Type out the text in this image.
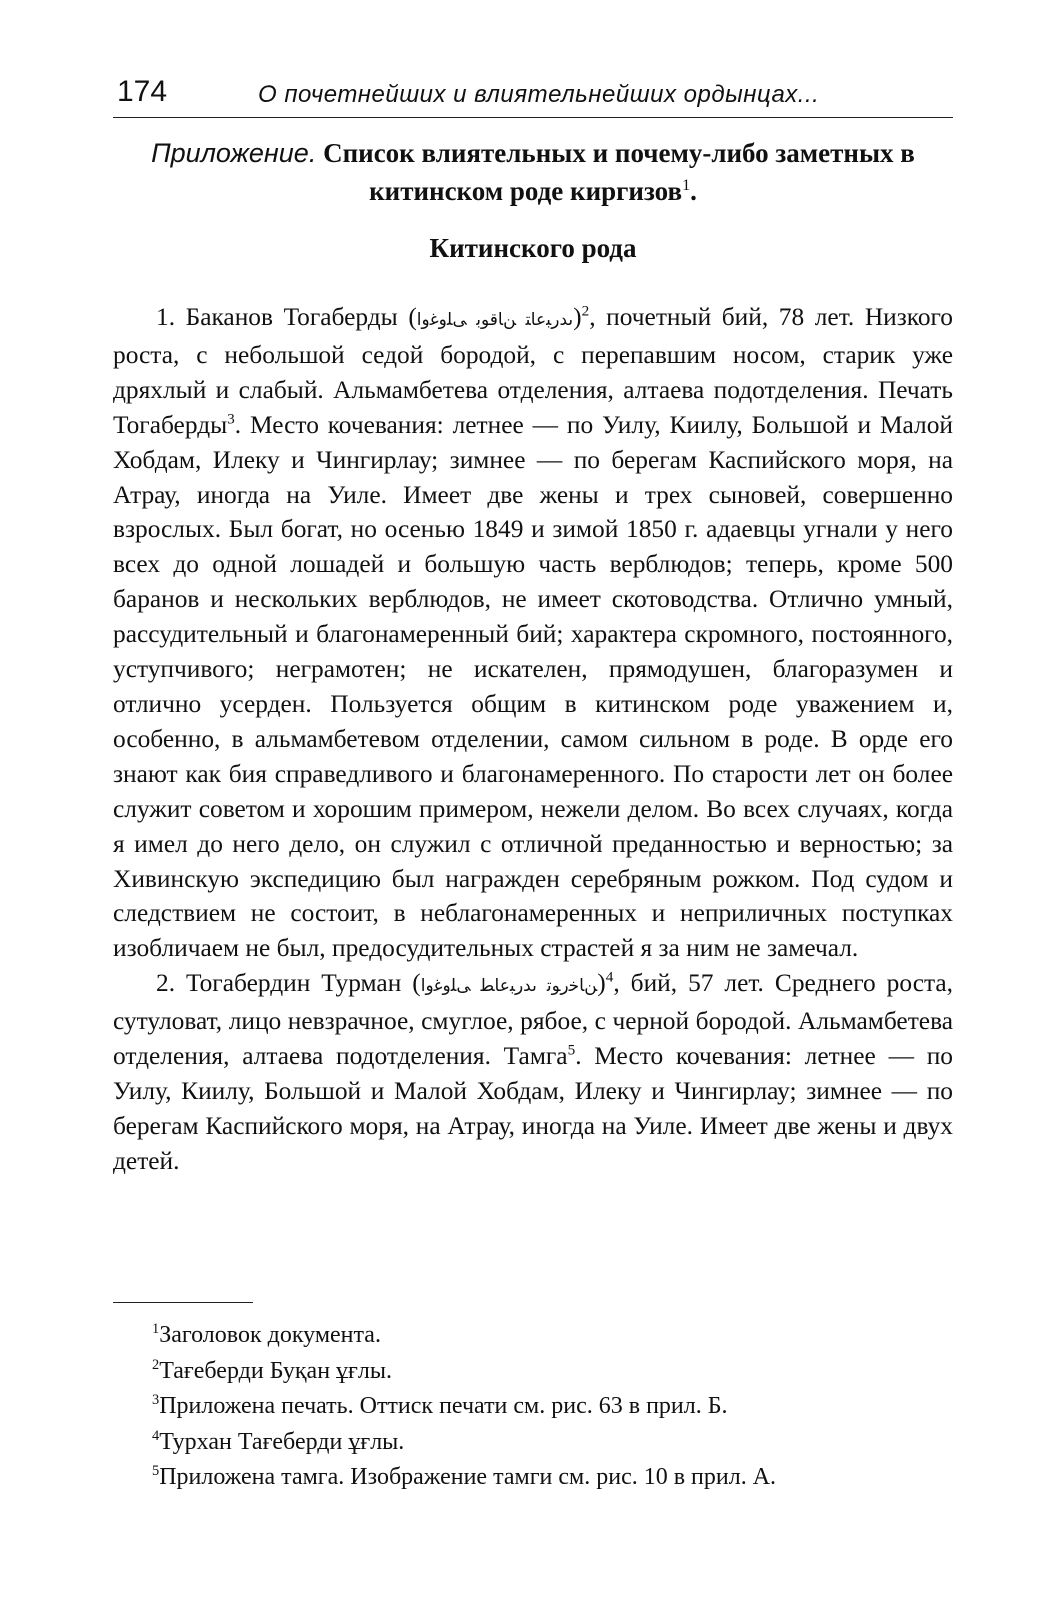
174	О почетнейших и влиятельнейших ордынцах...
Приложение. Список влиятельных и почему-либо заметных в китинском роде киргизов$^1$.
Китинского рода

1. Баканов Тогаберды (ﯨﺪﺭﺒﻋﺎﺘ ﻦﺎﻗﻮﺑ ﻰﻠﻭﻏﻭا)$^2$, почетный бий, 78 лет. Низкого роста, с небольшой седой бородой, с перепавшим носом, старик уже дряхлый и слабый. Альмамбетева отделения, алтаева подотделения. Печать Тогаберды$^3$. Место кочевания: летнее — по Уилу, Киилу, Большой и Малой Хобдам, Илеку и Чингирлау; зимнее — по берегам Каспийского моря, на Атрау, иногда на Уиле. Имеет две жены и трех сыновей, совершенно взрослых. Был богат, но осенью 1849 и зимой 1850 г. адаевцы угнали у него всех до одной лошадей и большую часть верблюдов; теперь, кроме 500 баранов и нескольких верблюдов, не имеет скотоводства. Отлично умный, рассудительный и благонамеренный бий; характера скромного, постоянного, уступчивого; неграмотен; не искателен, прямодушен, благоразумен и отлично усерден. Пользуется общим в китинском роде уважением и, особенно, в альмамбетевом отделении, самом сильном в роде. В орде его знают как бия справедливого и благонамеренного. По старости лет он более служит советом и хорошим примером, нежели делом. Во всех случаях, когда я имел до него дело, он служил с отличной преданностью и верностью; за Хивинскую экспедицию был награжден серебряным рожком. Под судом и следствием не состоит, в неблагонамеренных и неприличных поступках изобличаем не был, предосудительных страстей я за ним не замечал.

2. Тогабердин Турман (ﻦﺎﺧﺭﻮﺗ ﯨﺪﺭﺒﻋﺎﻄ ﻰﻠﻭﻏﻭا)$^4$, бий, 57 лет. Среднего роста, сутуловат, лицо невзрачное, смуглое, рябое, с черной бородой. Альмамбетева отделения, алтаева подотделения. Тамга$^5$. Место кочевания: летнее — по Уилу, Киилу, Большой и Малой Хобдам, Илеку и Чингирлау; зимнее — по берегам Каспийского моря, на Атрау, иногда на Уиле. Имеет две жены и двух детей.

$^1$Заголовок документа.
$^2$Тағеберди Буқан ұғлы.
$^3$Приложена печать. Оттиск печати см. рис. 63 в прил. Б.
$^4$Турхан Тағеберди ұғлы.
$^5$Приложена тамга. Изображение тамги см. рис. 10 в прил. А.
